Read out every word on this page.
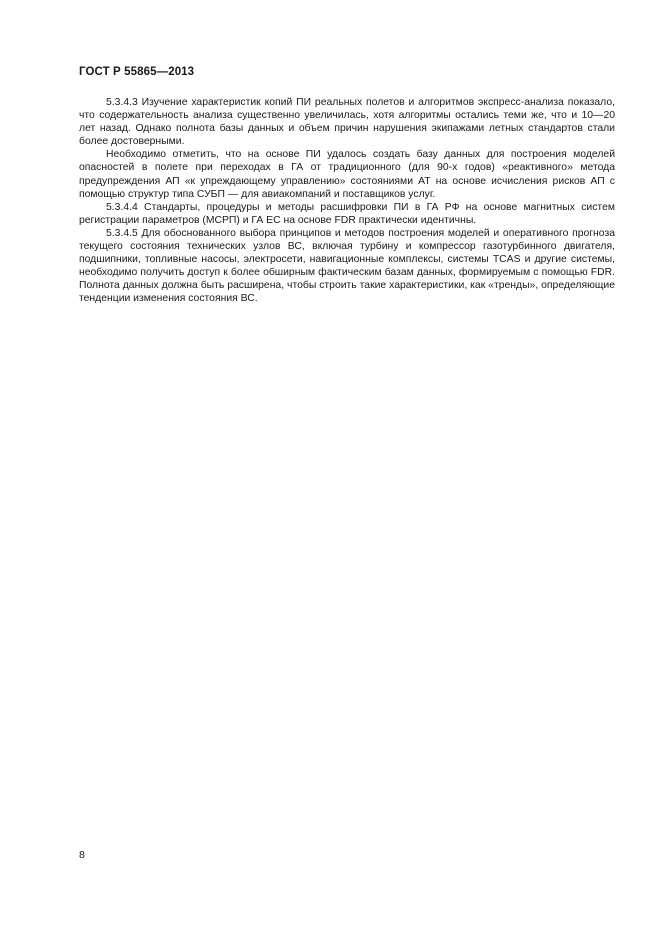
ГОСТ Р 55865—2013

5.3.4.3 Изучение характеристик копий ПИ реальных полетов и алгоритмов экспресс-анализа показало, что содержательность анализа существенно увеличилась, хотя алгоритмы остались теми же, что и 10—20 лет назад. Однако полнота базы данных и объем причин нарушения экипажами летных стандартов стали более достоверными.

Необходимо отметить, что на основе ПИ удалось создать базу данных для построения моделей опасностей в полете при переходах в ГА от традиционного (для 90-х годов) «реактивного» метода предупреждения АП «к упреждающему управлению» состояниями АТ на основе исчисления рисков АП с помощью структур типа СУБП — для авиакомпаний и поставщиков услуг.

5.3.4.4 Стандарты, процедуры и методы расшифровки ПИ в ГА РФ на основе магнитных систем регистрации параметров (МСРП) и ГА ЕС на основе FDR практически идентичны.

5.3.4.5 Для обоснованного выбора принципов и методов построения моделей и оперативного прогноза текущего состояния технических узлов ВС, включая турбину и компрессор газотурбинного двигателя, подшипники, топливные насосы, электросети, навигационные комплексы, системы TCAS и другие системы, необходимо получить доступ к более обширным фактическим базам данных, формируемым с помощью FDR. Полнота данных должна быть расширена, чтобы строить такие характеристики, как «тренды», определяющие тенденции изменения состояния ВС.

8
